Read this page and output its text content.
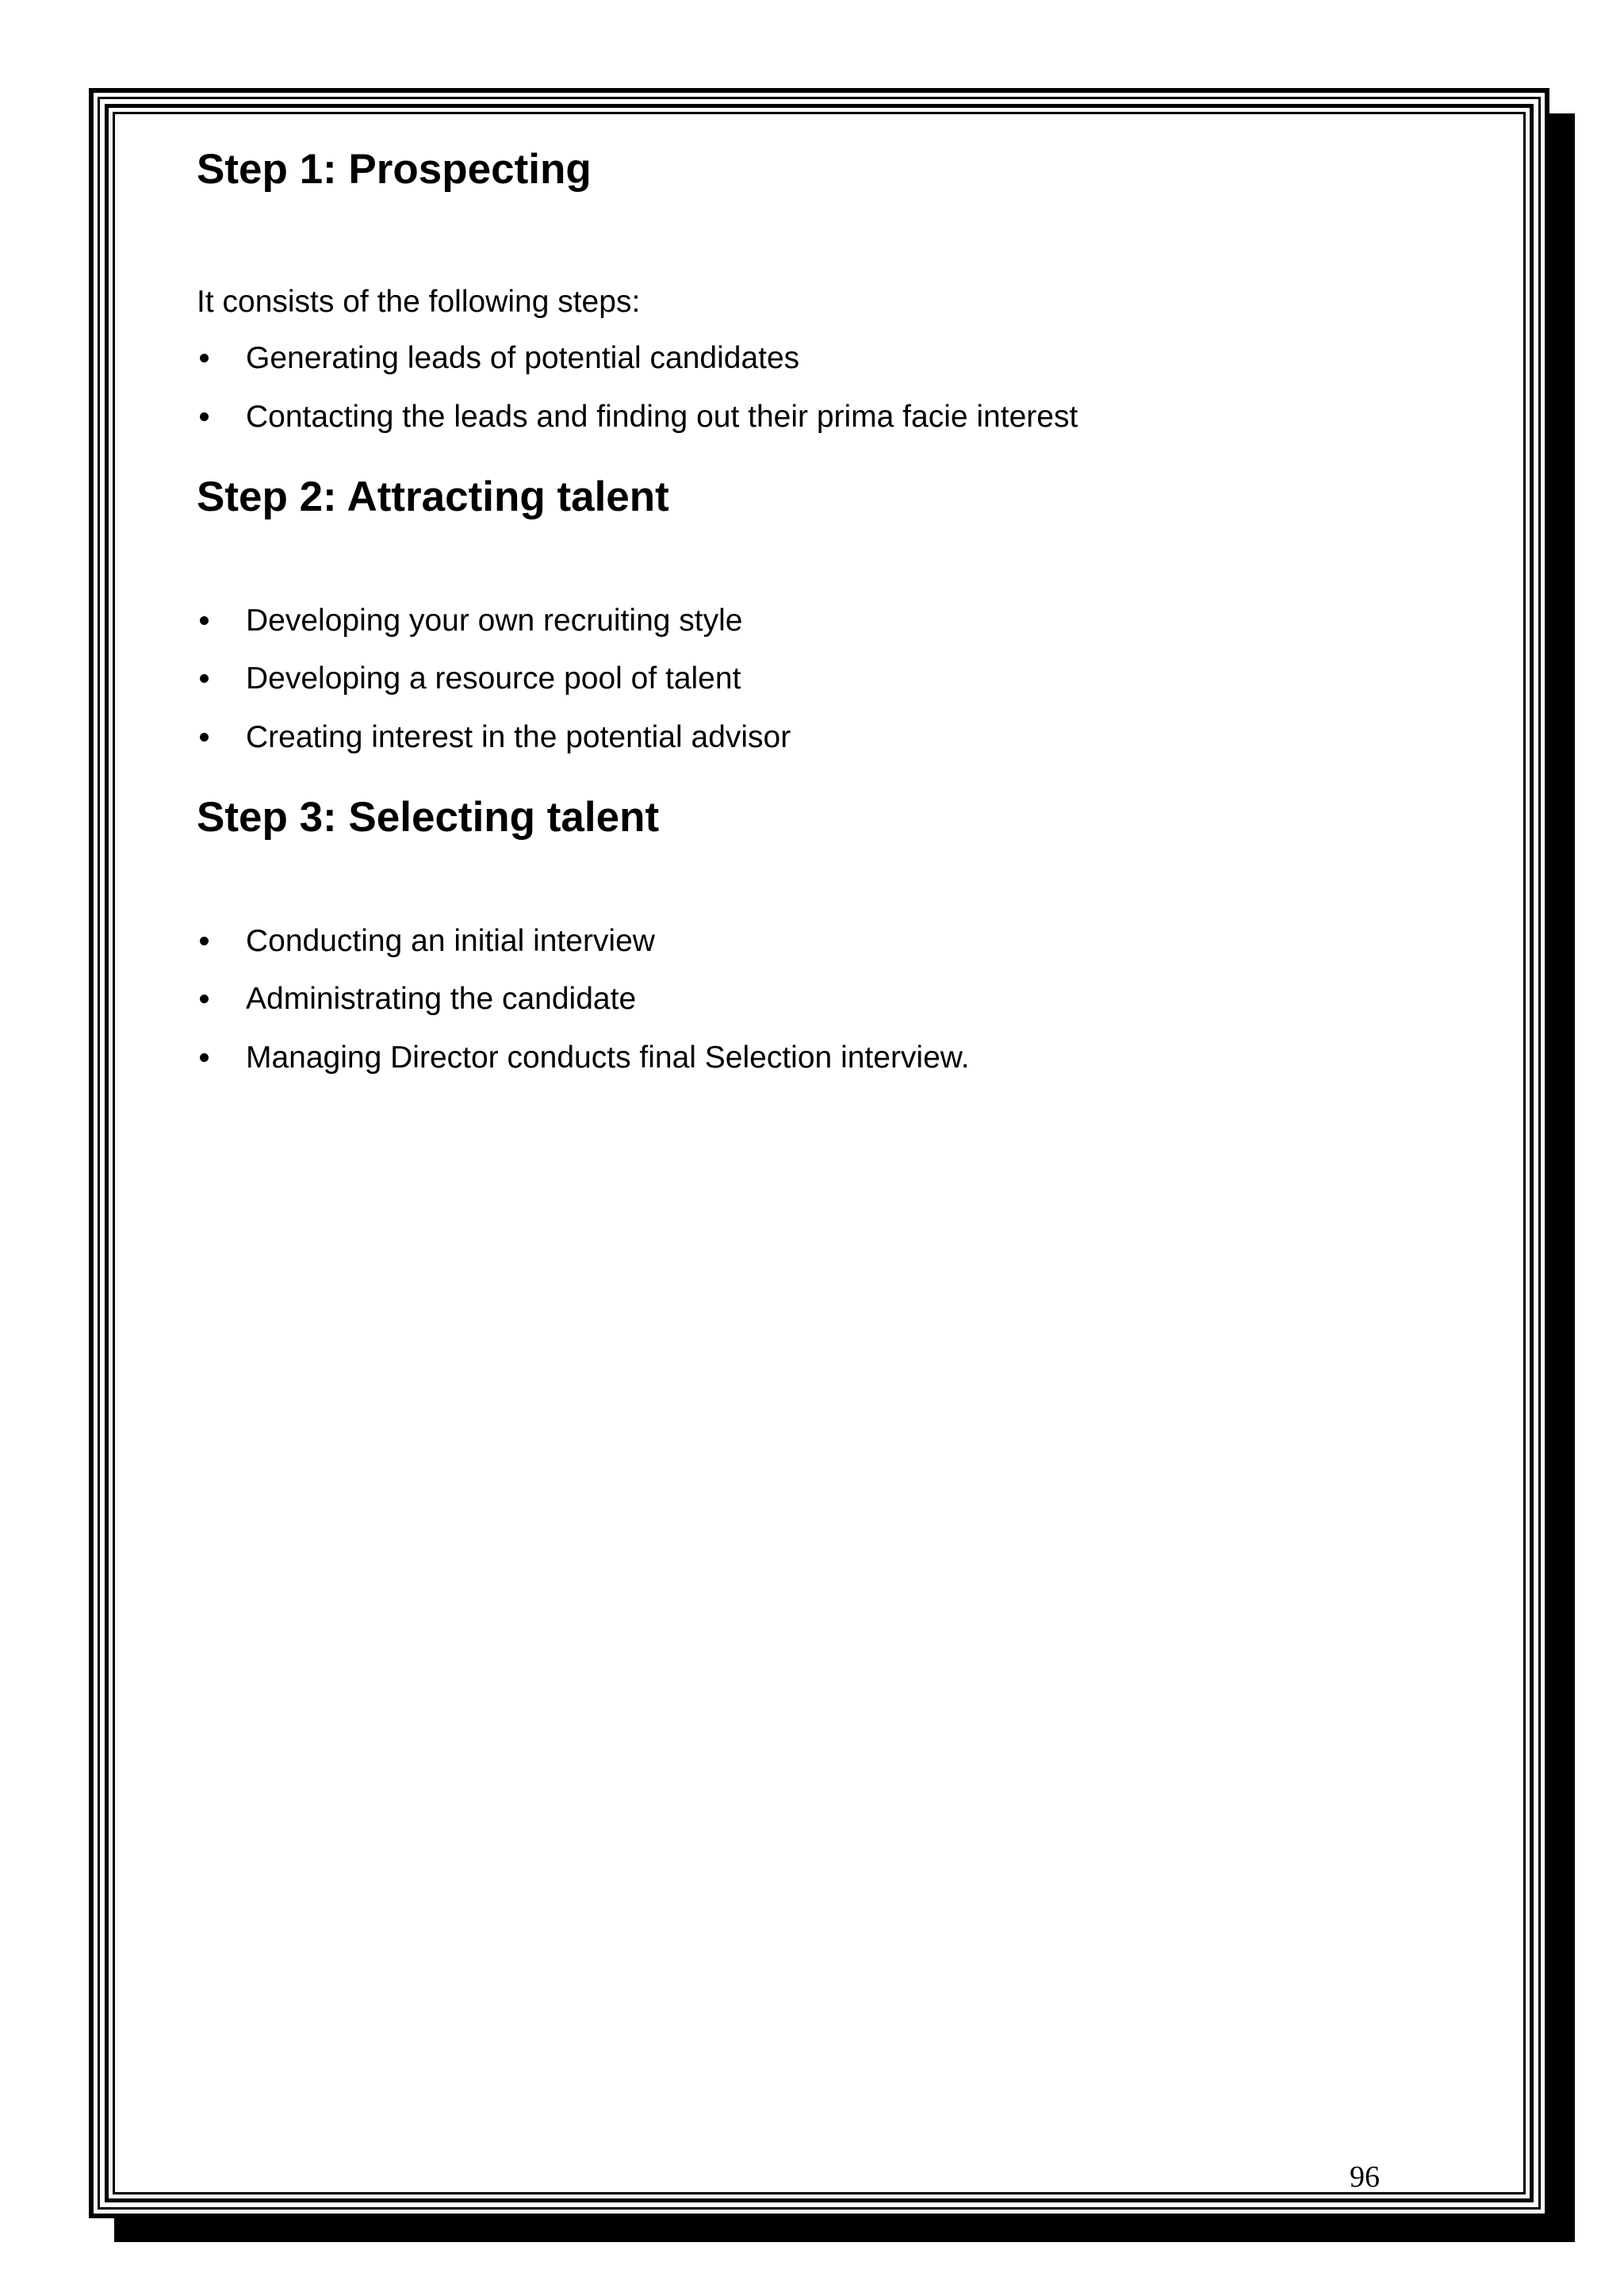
Step 1: Prospecting

It consists of the following steps:

Generating leads of potential candidates
Contacting the leads and finding out their prima facie interest
Step 2: Attracting talent
Developing your own recruiting style
Developing a resource pool of talent
Creating interest in the potential advisor
Step 3: Selecting talent
Conducting an initial interview
Administrating the candidate
Managing Director conducts final Selection interview.
96
